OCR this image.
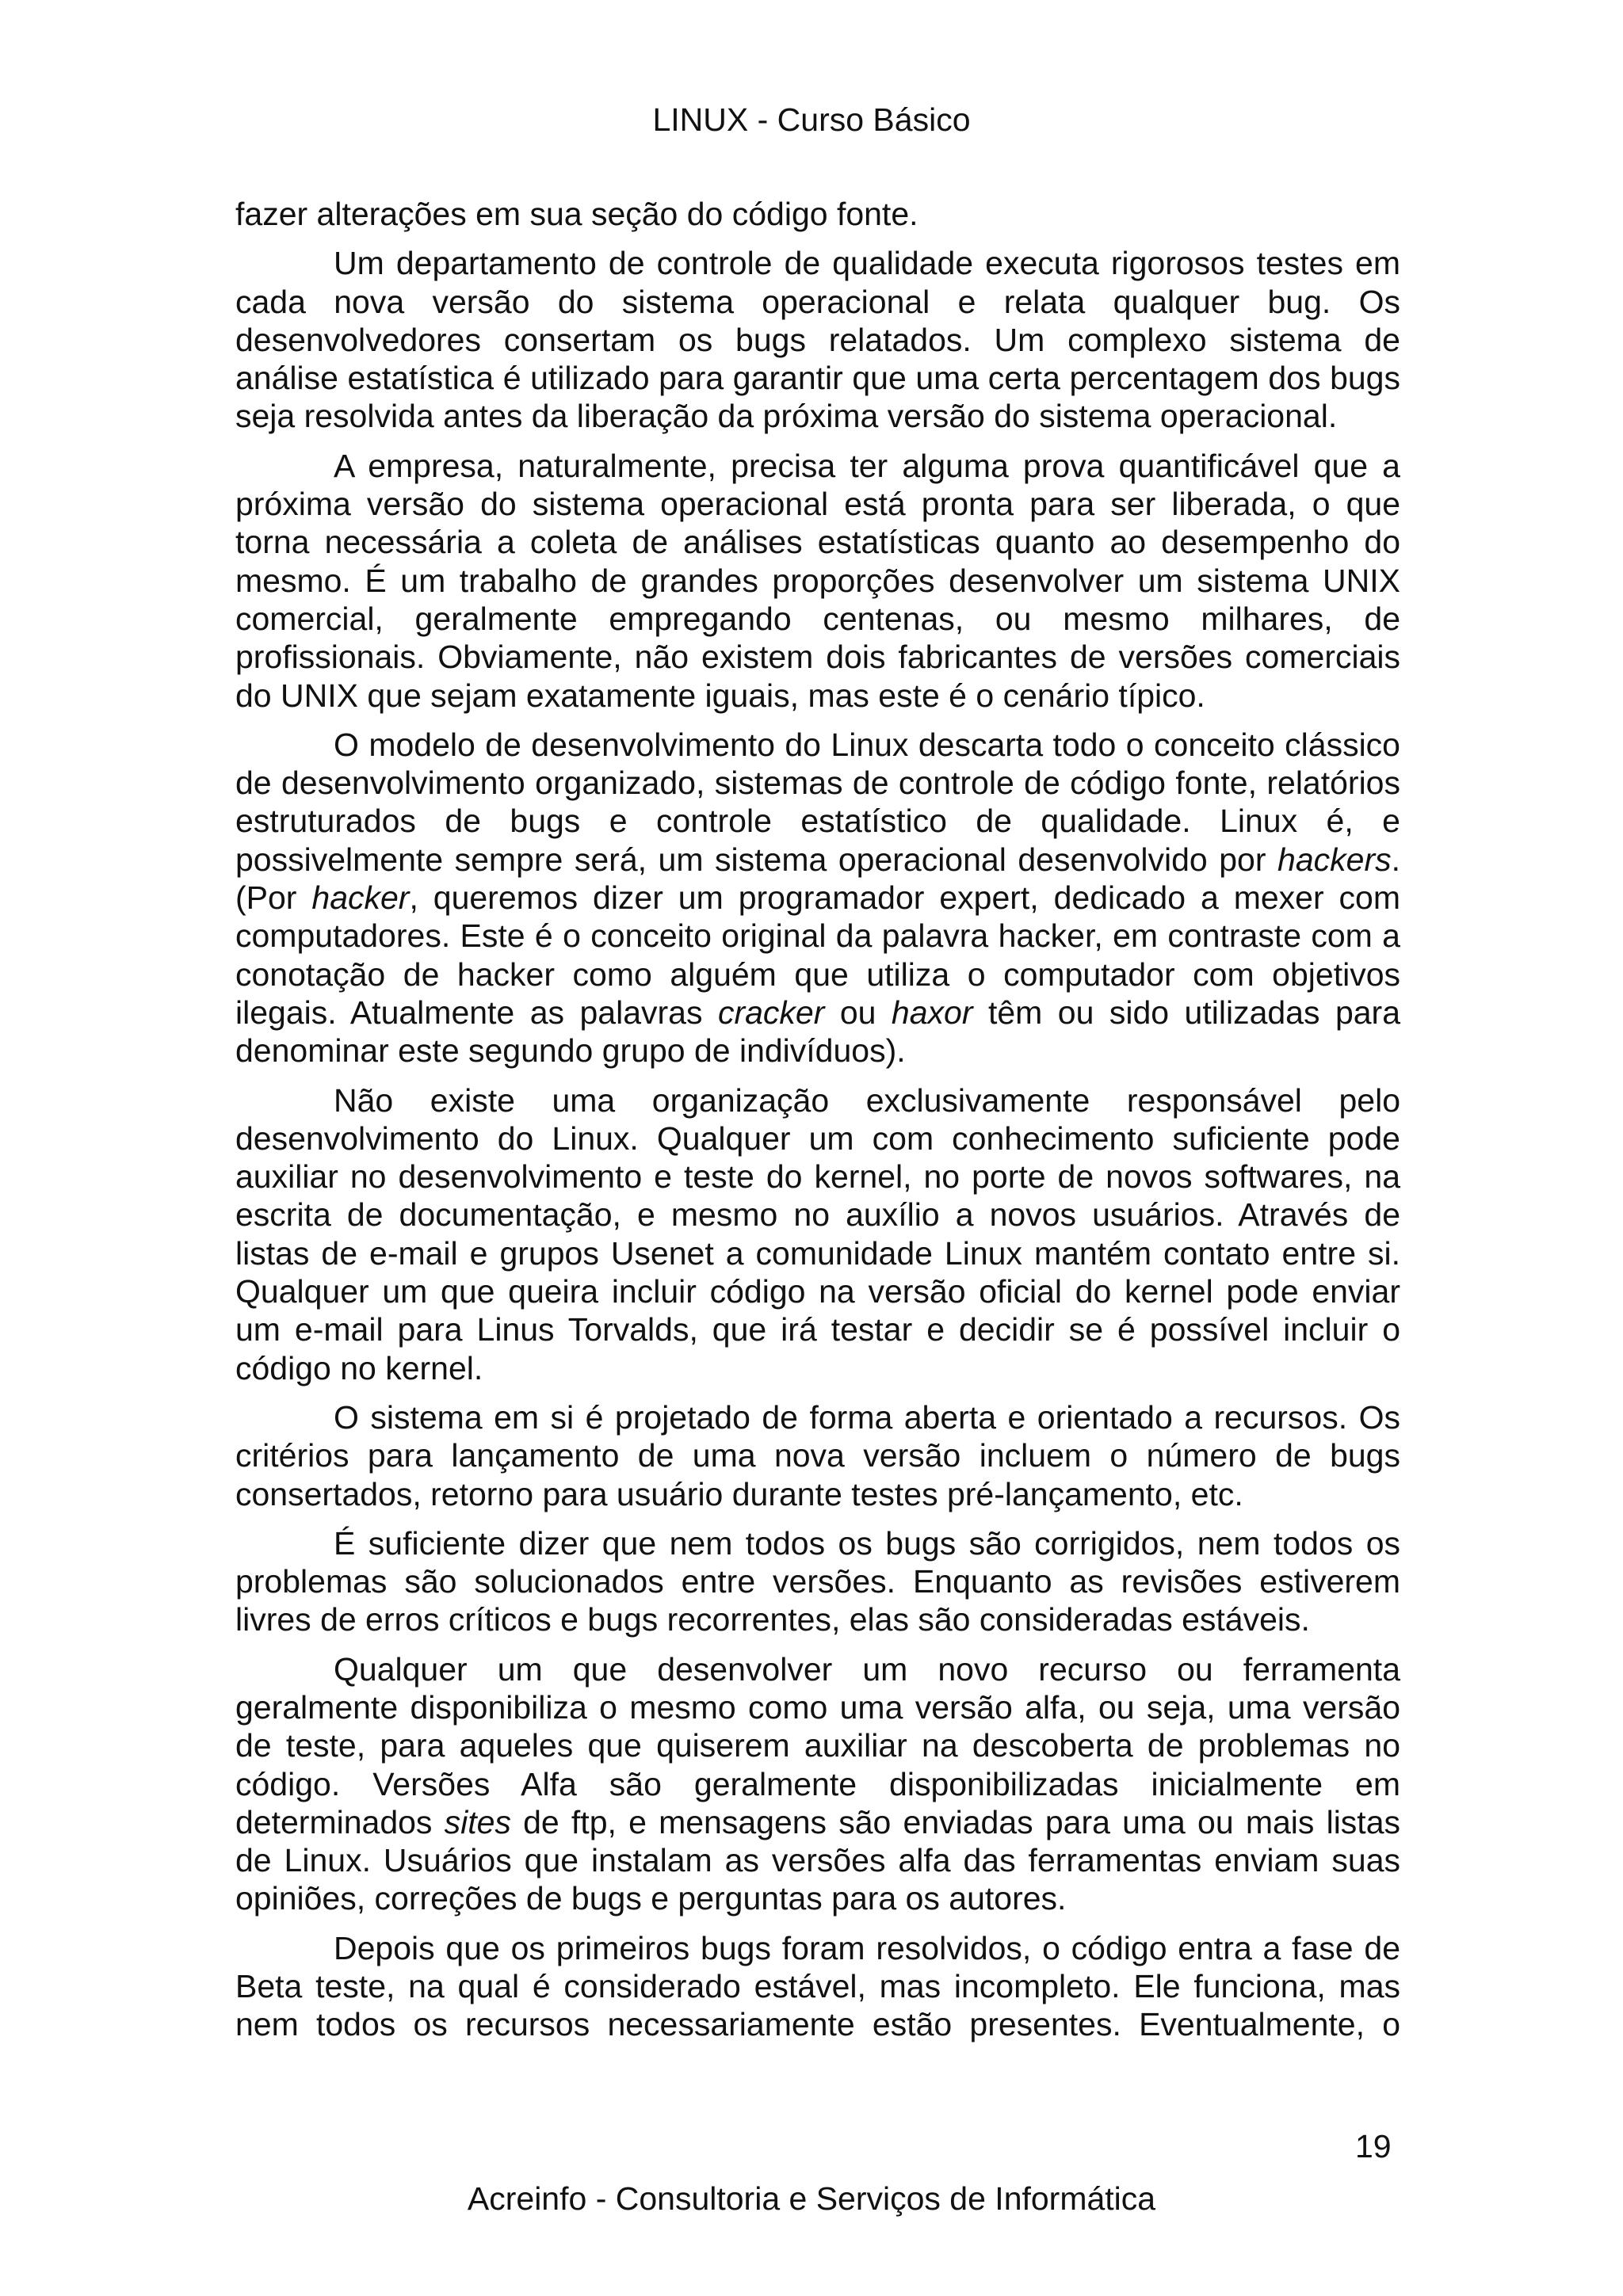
LINUX - Curso Básico

fazer alterações em sua seção do código fonte.

Um departamento de controle de qualidade executa rigorosos testes em cada nova versão do sistema operacional e relata qualquer bug. Os desenvolvedores consertam os bugs relatados. Um complexo sistema de análise estatística é utilizado para garantir que uma certa percentagem dos bugs seja resolvida antes da liberação da próxima versão do sistema operacional.

A empresa, naturalmente, precisa ter alguma prova quantificável que a próxima versão do sistema operacional está pronta para ser liberada, o que torna necessária a coleta de análises estatísticas quanto ao desempenho do mesmo. É um trabalho de grandes proporções desenvolver um sistema UNIX comercial, geralmente empregando centenas, ou mesmo milhares, de profissionais. Obviamente, não existem dois fabricantes de versões comerciais do UNIX que sejam exatamente iguais, mas este é o cenário típico.

O modelo de desenvolvimento do Linux descarta todo o conceito clássico de desenvolvimento organizado, sistemas de controle de código fonte, relatórios estruturados de bugs e controle estatístico de qualidade. Linux é, e possivelmente sempre será, um sistema operacional desenvolvido por hackers. (Por hacker, queremos dizer um programador expert, dedicado a mexer com computadores. Este é o conceito original da palavra hacker, em contraste com a conotação de hacker como alguém que utiliza o computador com objetivos ilegais. Atualmente as palavras cracker ou haxor têm ou sido utilizadas para denominar este segundo grupo de indivíduos).

Não existe uma organização exclusivamente responsável pelo desenvolvimento do Linux. Qualquer um com conhecimento suficiente pode auxiliar no desenvolvimento e teste do kernel, no porte de novos softwares, na escrita de documentação, e mesmo no auxílio a novos usuários. Através de listas de e-mail e grupos Usenet a comunidade Linux mantém contato entre si. Qualquer um que queira incluir código na versão oficial do kernel pode enviar um e-mail para Linus Torvalds, que irá testar e decidir se é possível incluir o código no kernel.

O sistema em si é projetado de forma aberta e orientado a recursos. Os critérios para lançamento de uma nova versão incluem o número de bugs consertados, retorno para usuário durante testes pré-lançamento, etc.

É suficiente dizer que nem todos os bugs são corrigidos, nem todos os problemas são solucionados entre versões. Enquanto as revisões estiverem livres de erros críticos e bugs recorrentes, elas são consideradas estáveis.

Qualquer um que desenvolver um novo recurso ou ferramenta geralmente disponibiliza o mesmo como uma versão alfa, ou seja, uma versão de teste, para aqueles que quiserem auxiliar na descoberta de problemas no código. Versões Alfa são geralmente disponibilizadas inicialmente em determinados sites de ftp, e mensagens são enviadas para uma ou mais listas de Linux. Usuários que instalam as versões alfa das ferramentas enviam suas opiniões, correções de bugs e perguntas para os autores.

Depois que os primeiros bugs foram resolvidos, o código entra a fase de Beta teste, na qual é considerado estável, mas incompleto. Ele funciona, mas nem todos os recursos necessariamente estão presentes. Eventualmente, o

Acreinfo - Consultoria e Serviços de Informática
19
